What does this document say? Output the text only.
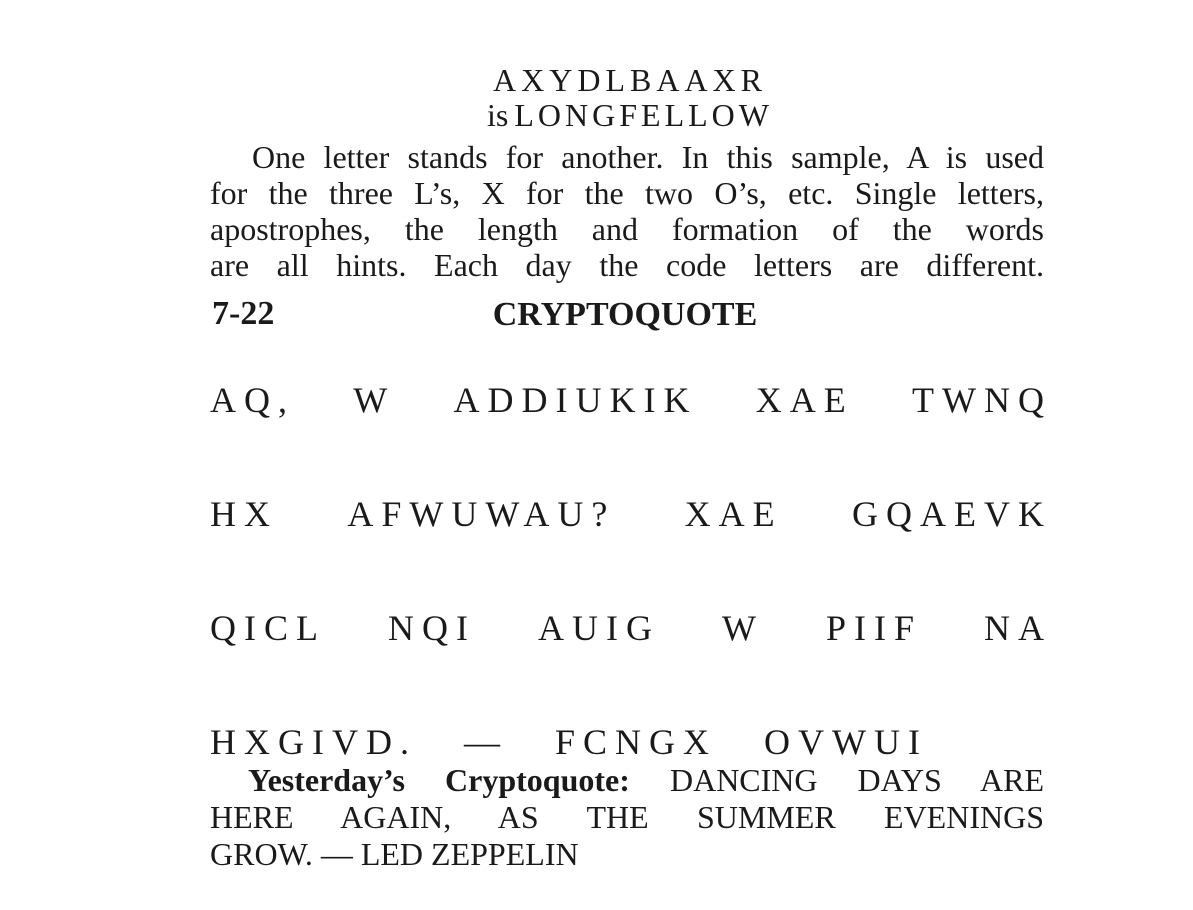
AXYDLBAAXR
is LONGFELLOW
One letter stands for another. In this sample, A is used
for the three L’s, X for the two O’s, etc. Single letters,
apostrophes, the length and formation of the words
are all hints. Each day the code letters are different.
7-22	CRYPTOQUOTE
AQ, W ADDIUKIK XAE TWNQ
HX AFWUWAU? XAE GQAEVK
QICL NQI AUIG W PIIF NA
HXGIVD. — FCNGX OVWUI
Yesterday’s Cryptoquote: DANCING DAYS ARE
HERE AGAIN, AS THE SUMMER EVENINGS
GROW. — LED ZEPPELIN
